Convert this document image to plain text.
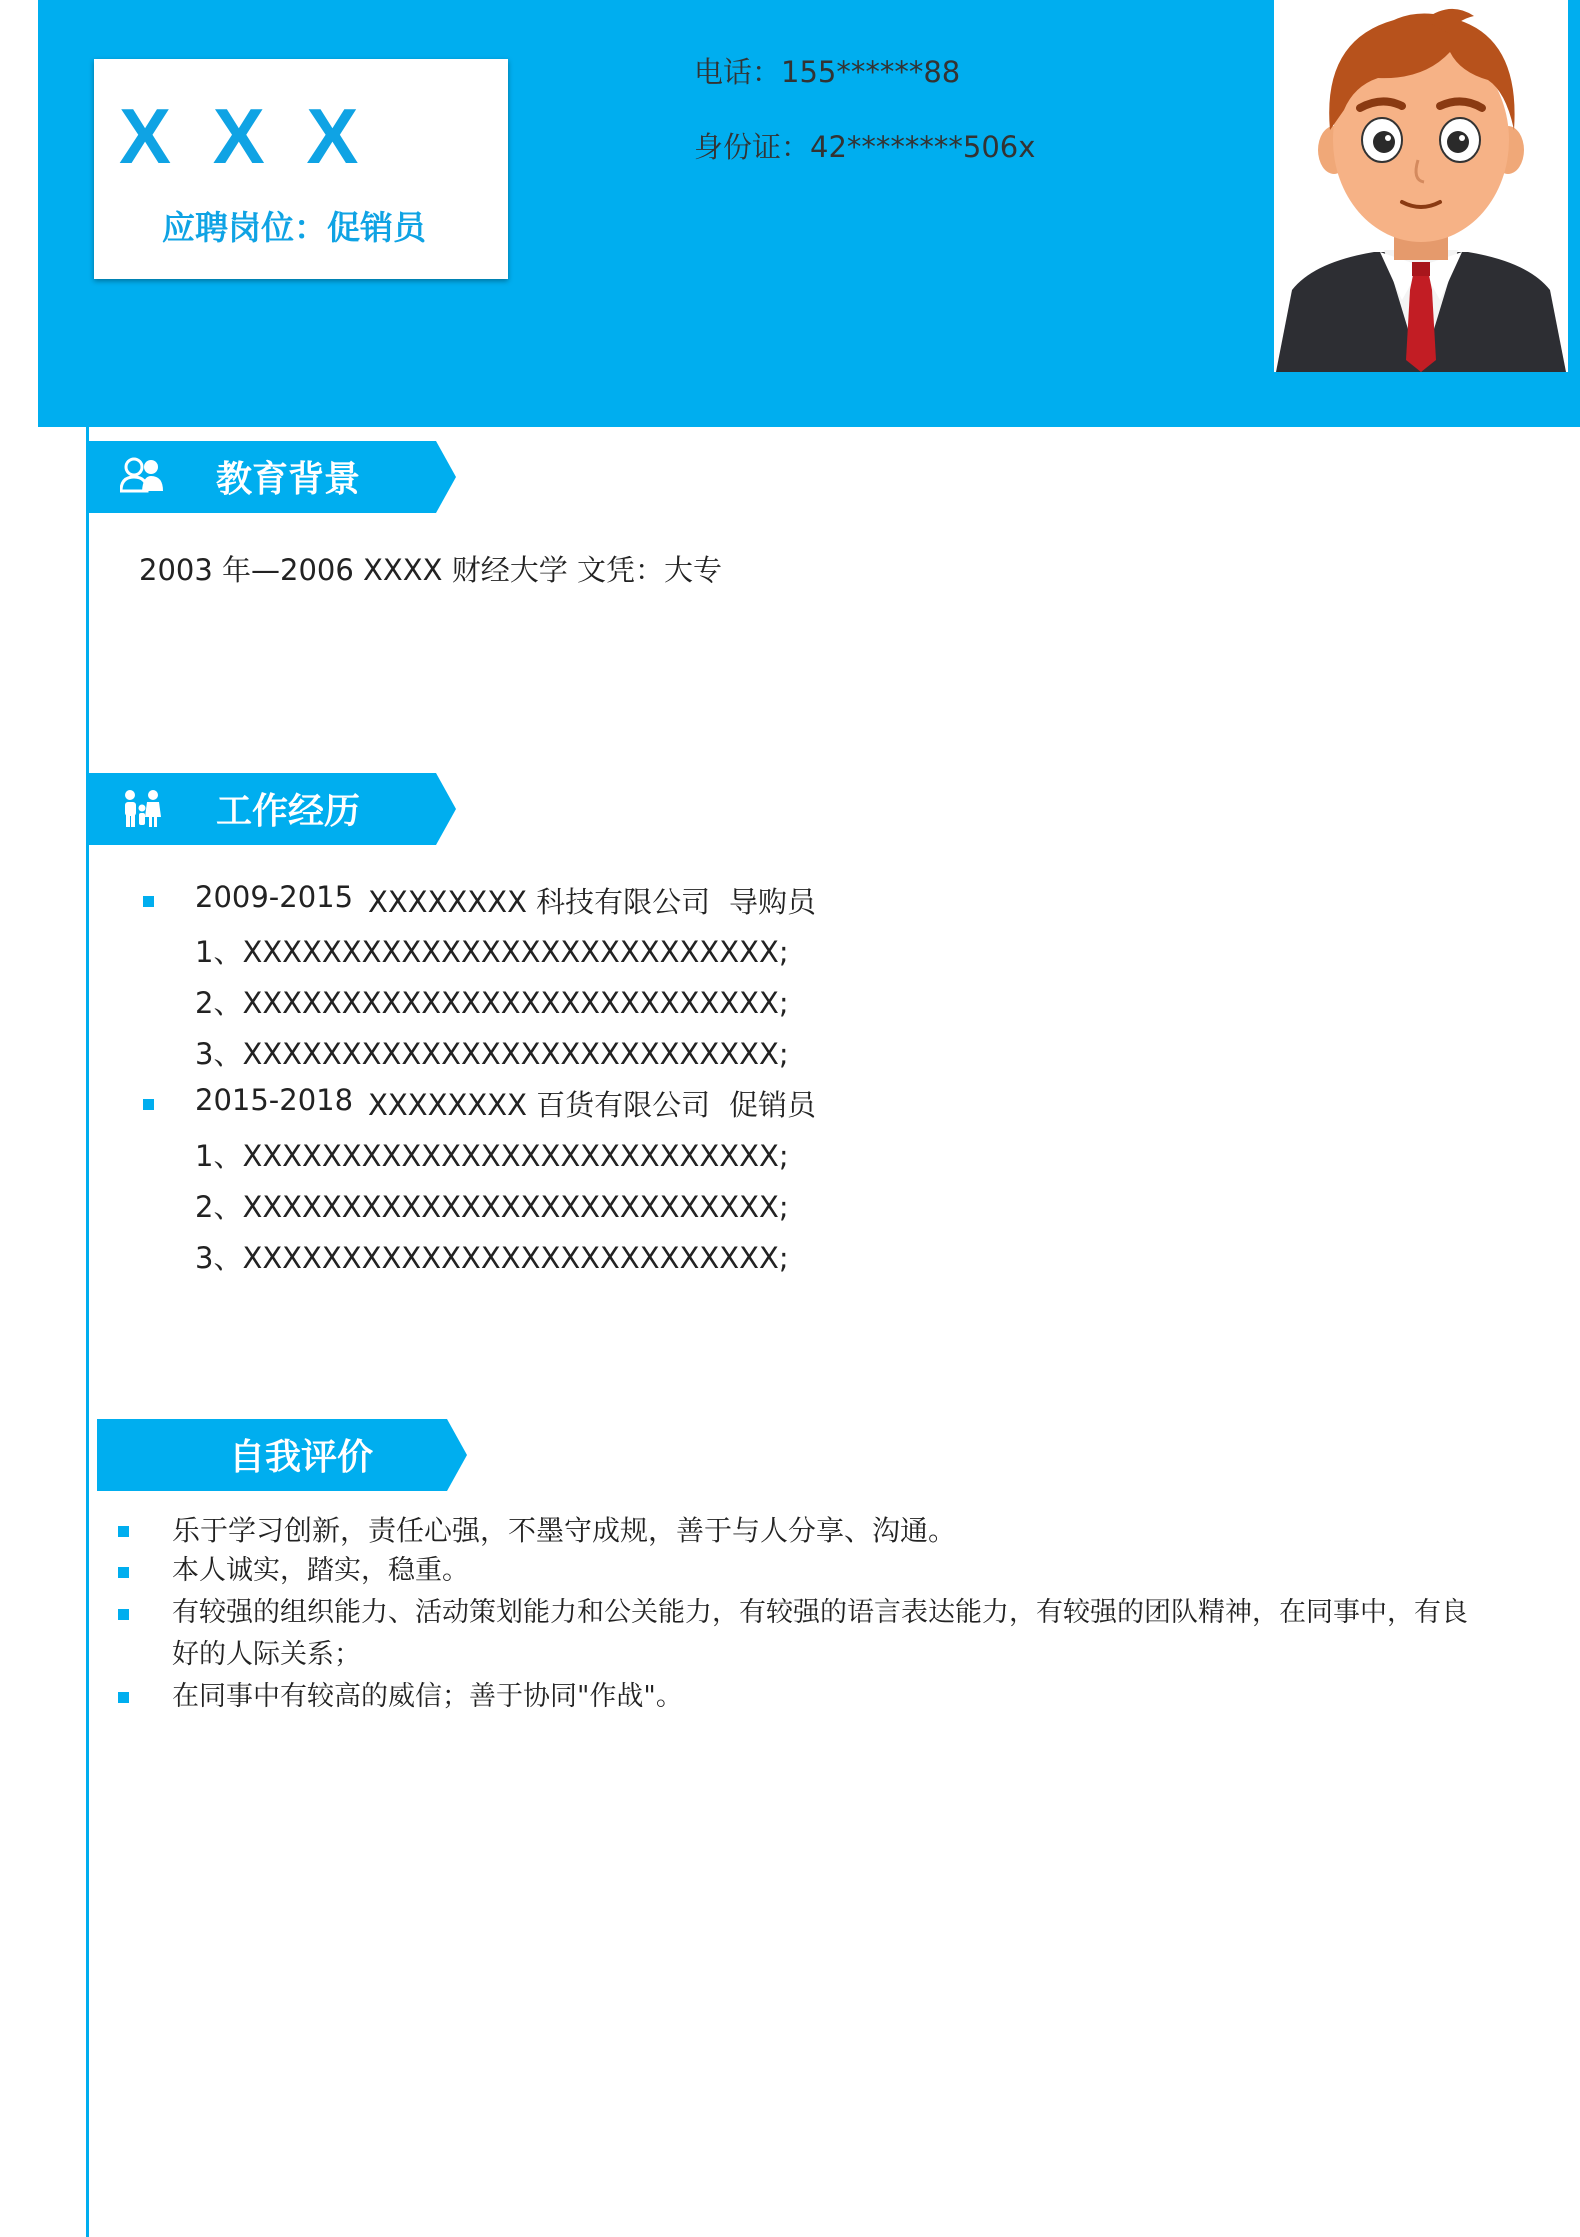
X X X
应聘岗位：促销员
电话：155******88
身份证：42********506x
教育背景
2003 年—2006 XXXX 财经大学 文凭：大专
工作经历
2009-2015 XXXXXXXX 科技有限公司 导购员
1、XXXXXXXXXXXXXXXXXXXXXXXXXXX;
2、XXXXXXXXXXXXXXXXXXXXXXXXXXX;
3、XXXXXXXXXXXXXXXXXXXXXXXXXXX;
2015-2018 XXXXXXXX 百货有限公司 促销员
1、XXXXXXXXXXXXXXXXXXXXXXXXXXX;
2、XXXXXXXXXXXXXXXXXXXXXXXXXXX;
3、XXXXXXXXXXXXXXXXXXXXXXXXXXX;
自我评价
乐于学习创新，责任心强，不墨守成规，善于与人分享、沟通。
本人诚实，踏实，稳重。
有较强的组织能力、活动策划能力和公关能力，有较强的语言表达能力，有较强的团队精神，在同事中，有良好的人际关系；
在同事中有较高的威信；善于协同"作战"。
